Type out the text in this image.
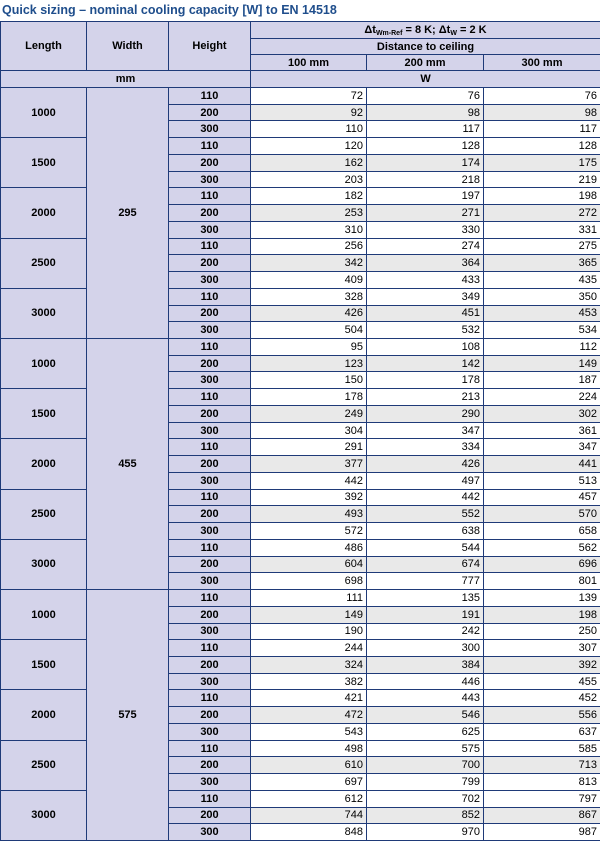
Quick sizing – nominal cooling capacity [W] to EN 14518
Length	Width	Height	$\Delta t_{Wm-Ref} = 8$ K; $\Delta t_W = 2$ K		
			Distance to ceiling		
			100 mm	200 mm	300 mm
mm			W		
1000	295	110	72	76	76
		200	92	98	98
		300	110	117	117
1500		110	120	128	128
		200	162	174	175
		300	203	218	219
2000		110	182	197	198
		200	253	271	272
		300	310	330	331
2500		110	256	274	275
		200	342	364	365
		300	409	433	435
3000		110	328	349	350
		200	426	451	453
		300	504	532	534
1000	455	110	95	108	112
		200	123	142	149
		300	150	178	187
1500		110	178	213	224
		200	249	290	302
		300	304	347	361
2000		110	291	334	347
		200	377	426	441
		300	442	497	513
2500		110	392	442	457
		200	493	552	570
		300	572	638	658
3000		110	486	544	562
		200	604	674	696
		300	698	777	801
1000	575	110	111	135	139
		200	149	191	198
		300	190	242	250
1500		110	244	300	307
		200	324	384	392
		300	382	446	455
2000		110	421	443	452
		200	472	546	556
		300	543	625	637
2500		110	498	575	585
		200	610	700	713
		300	697	799	813
3000		110	612	702	797
		200	744	852	867
		300	848	970	987
